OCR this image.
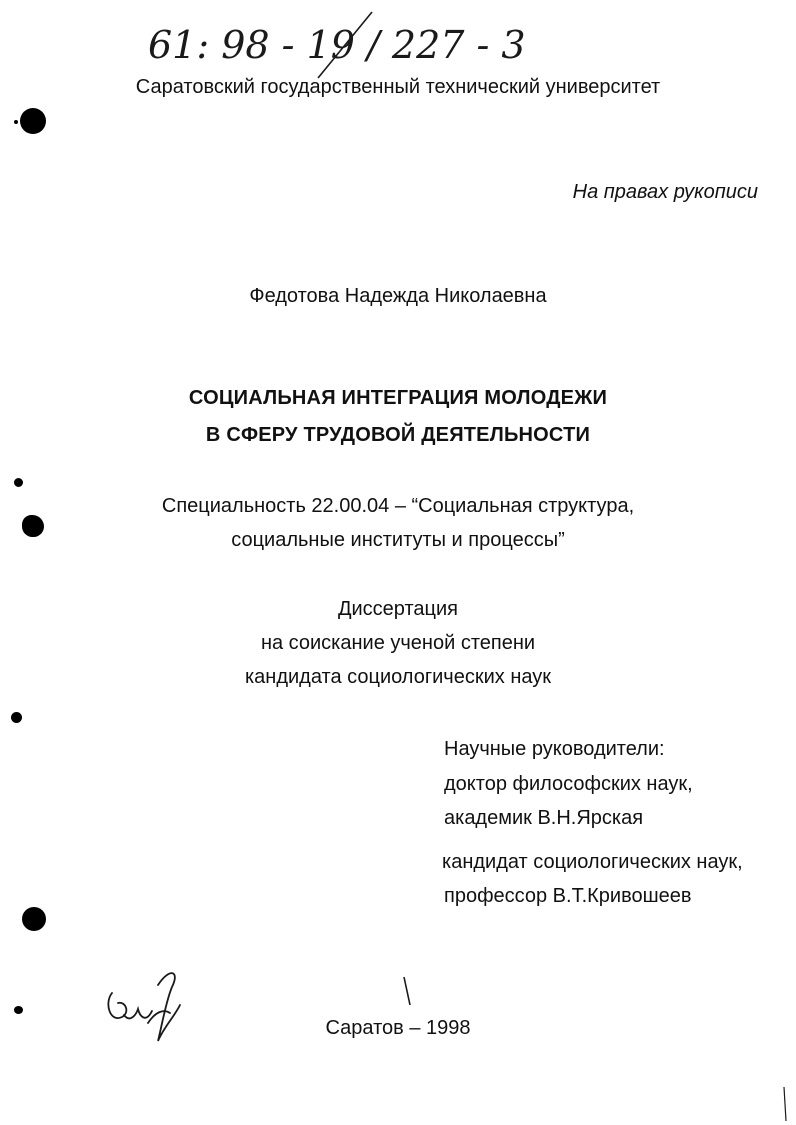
61: 98 - 19 / 227 - 3
Саратовский государственный технический университет
На правах рукописи
Федотова Надежда Николаевна
СОЦИАЛЬНАЯ ИНТЕГРАЦИЯ МОЛОДЕЖИ
В СФЕРУ ТРУДОВОЙ ДЕЯТЕЛЬНОСТИ
Специальность 22.00.04 – “Социальная структура,
социальные институты и процессы”
Диссертация
на соискание ученой степени
кандидата социологических наук
Научные руководители:
доктор философских наук,
академик В.Н.Ярская
кандидат социологических наук,
профессор В.Т.Кривошеев
Саратов – 1998
